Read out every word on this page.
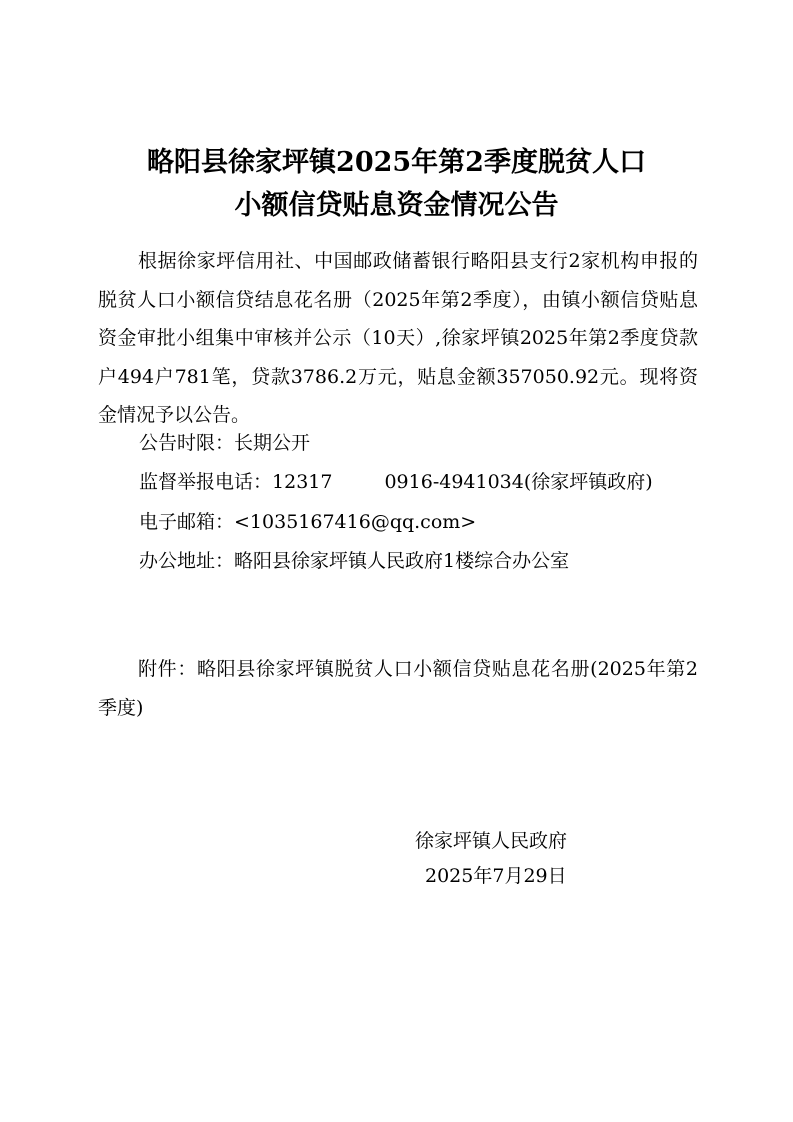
略阳县徐家坪镇2025年第2季度脱贫人口
小额信贷贴息资金情况公告
根据徐家坪信用社、中国邮政储蓄银行略阳县支行2家机构申报的脱贫人口小额信贷结息花名册（2025年第2季度），由镇小额信贷贴息资金审批小组集中审核并公示（10天）,徐家坪镇2025年第2季度贷款户494户781笔，贷款3786.2万元，贴息金额357050.92元。现将资金情况予以公告。
公告时限：长期公开
监督举报电话：12317	0916-4941034(徐家坪镇政府)
电子邮箱：<1035167416@qq.com>
办公地址：略阳县徐家坪镇人民政府1楼综合办公室
附件：略阳县徐家坪镇脱贫人口小额信贷贴息花名册(2025年第2季度)
徐家坪镇人民政府
2025年7月29日
